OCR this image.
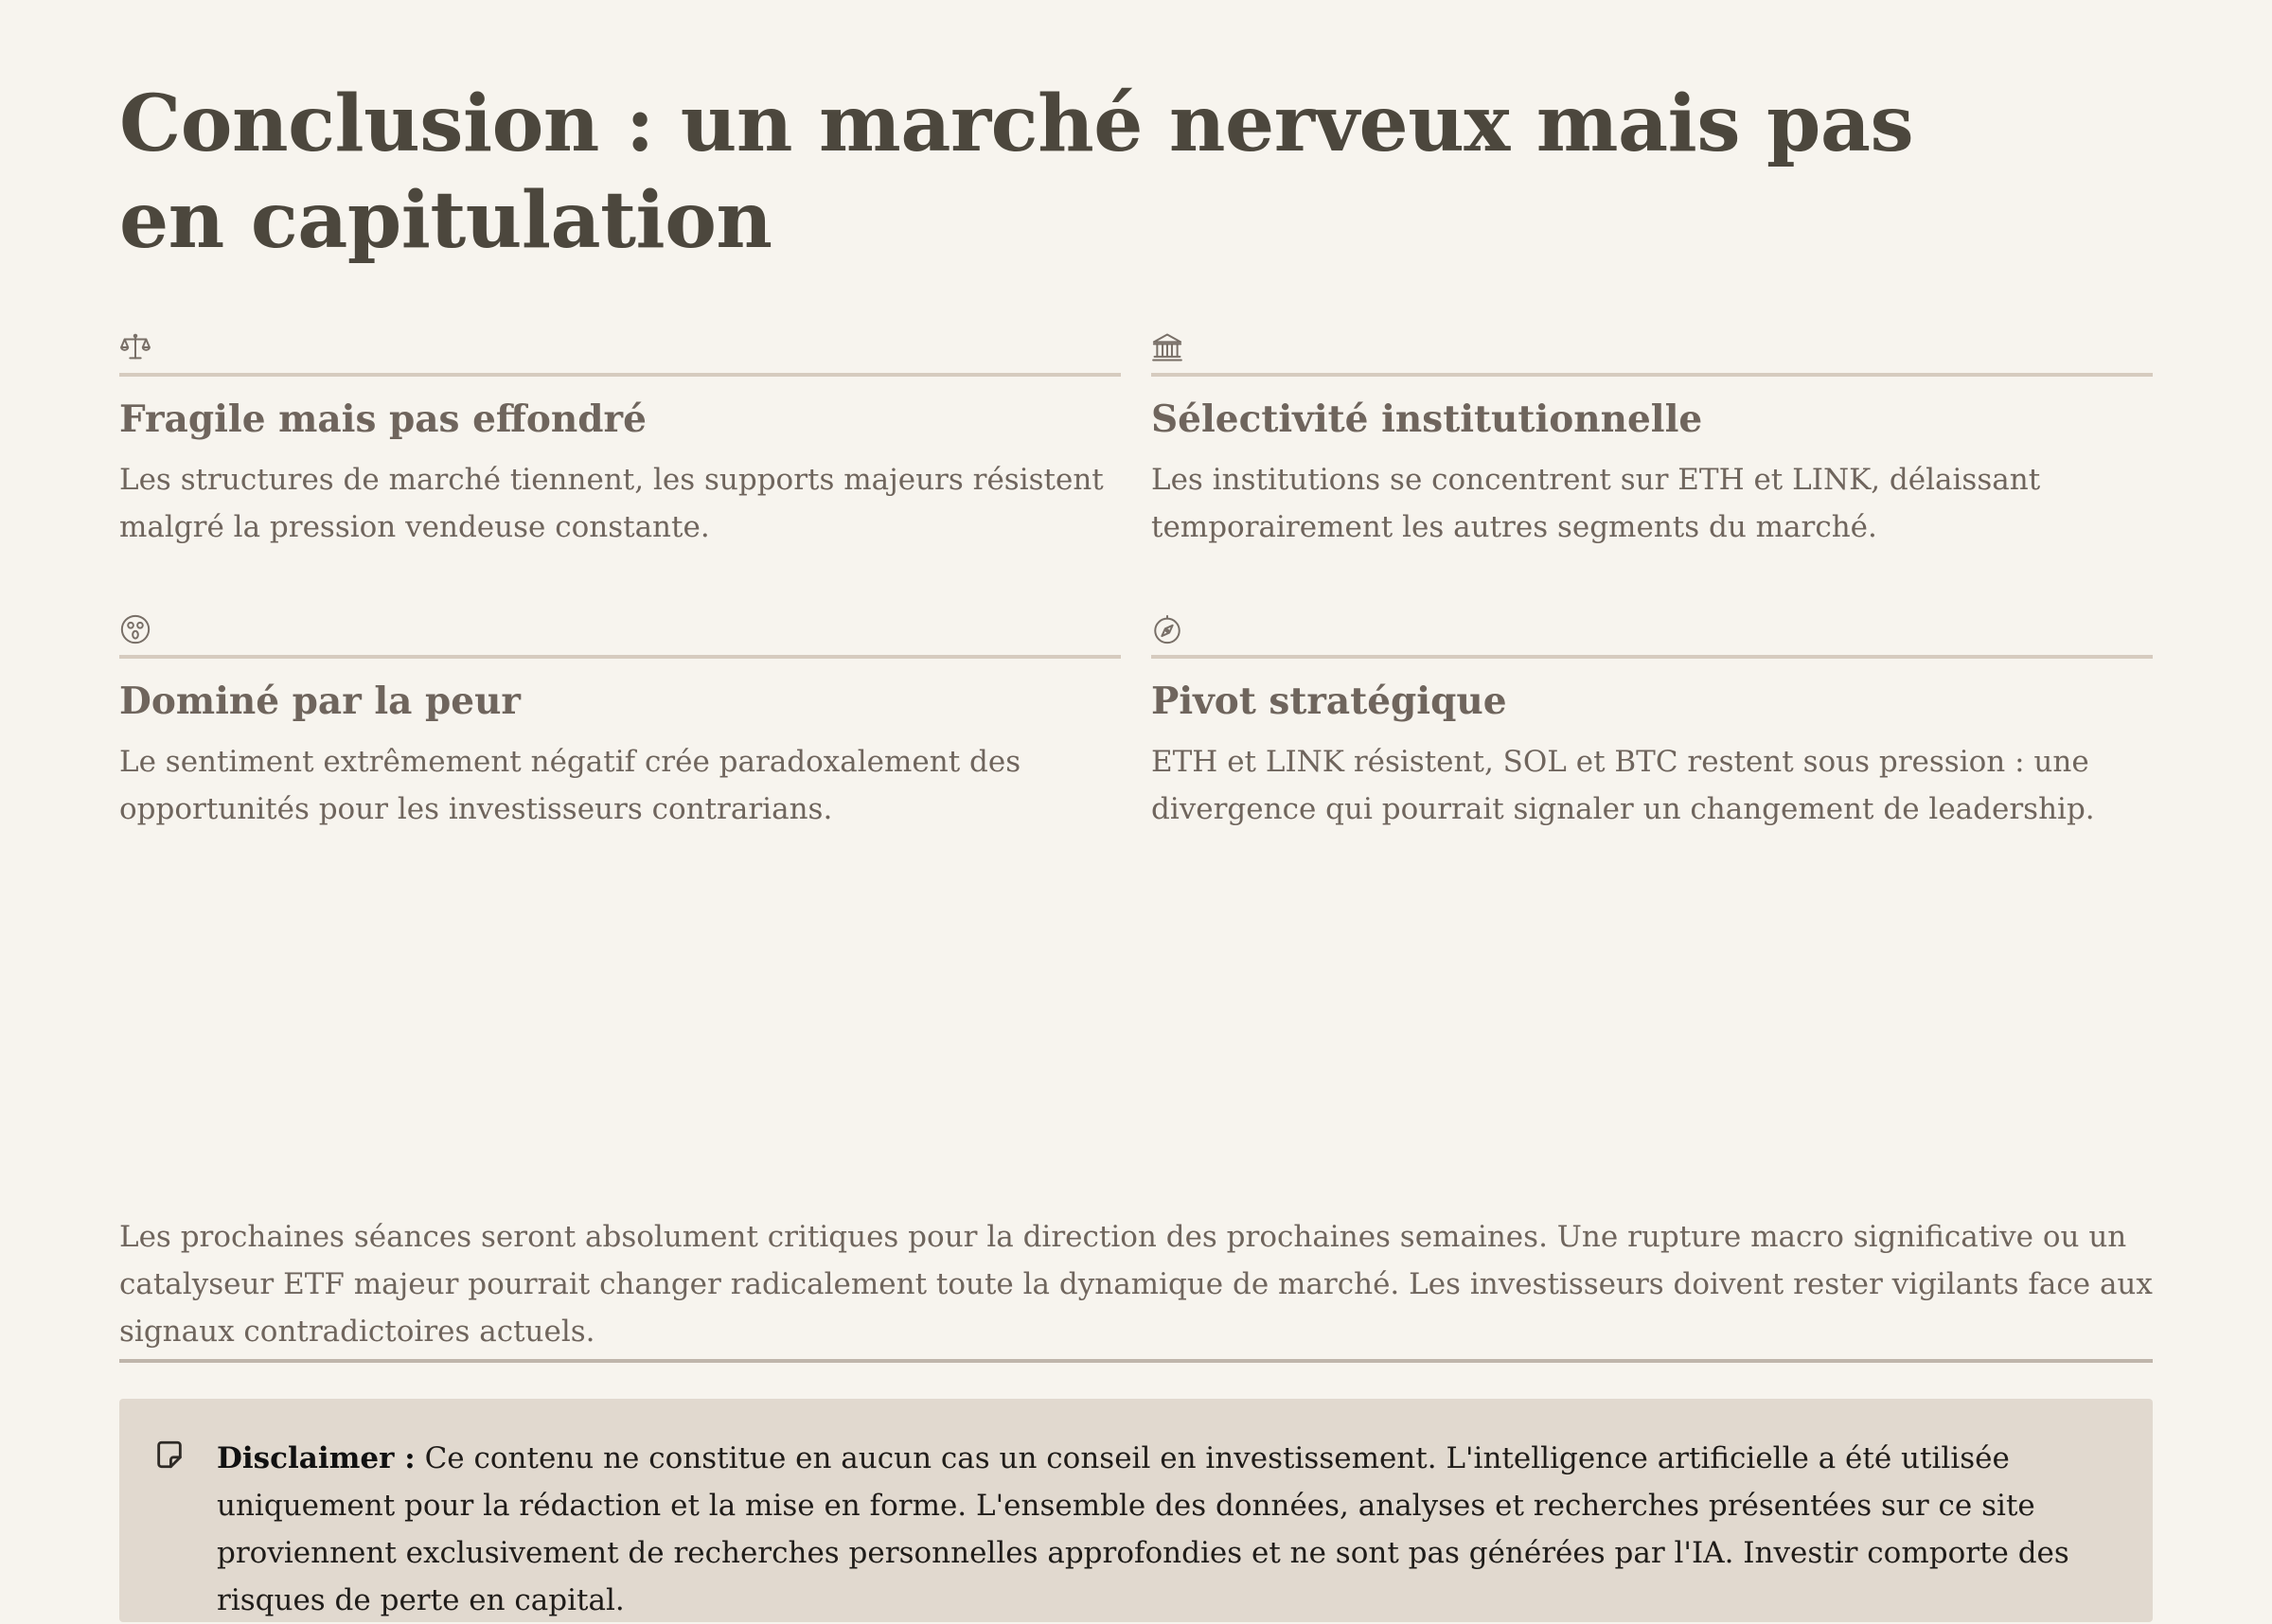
Conclusion : un marché nerveux mais pas en capitulation
Fragile mais pas effondré

Les structures de marché tiennent, les supports majeurs résistent malgré la pression vendeuse constante.

Sélectivité institutionnelle

Les institutions se concentrent sur ETH et LINK, délaissant temporairement les autres segments du marché.

Dominé par la peur

Le sentiment extrêmement négatif crée paradoxalement des opportunités pour les investisseurs contrarians.

Pivot stratégique

ETH et LINK résistent, SOL et BTC restent sous pression : une divergence qui pourrait signaler un changement de leadership.

Les prochaines séances seront absolument critiques pour la direction des prochaines semaines. Une rupture macro significative ou un catalyseur ETF majeur pourrait changer radicalement toute la dynamique de marché. Les investisseurs doivent rester vigilants face aux signaux contradictoires actuels.

Disclaimer : Ce contenu ne constitue en aucun cas un conseil en investissement. L'intelligence artificielle a été utilisée uniquement pour la rédaction et la mise en forme. L'ensemble des données, analyses et recherches présentées sur ce site proviennent exclusivement de recherches personnelles approfondies et ne sont pas générées par l'IA. Investir comporte des risques de perte en capital.
